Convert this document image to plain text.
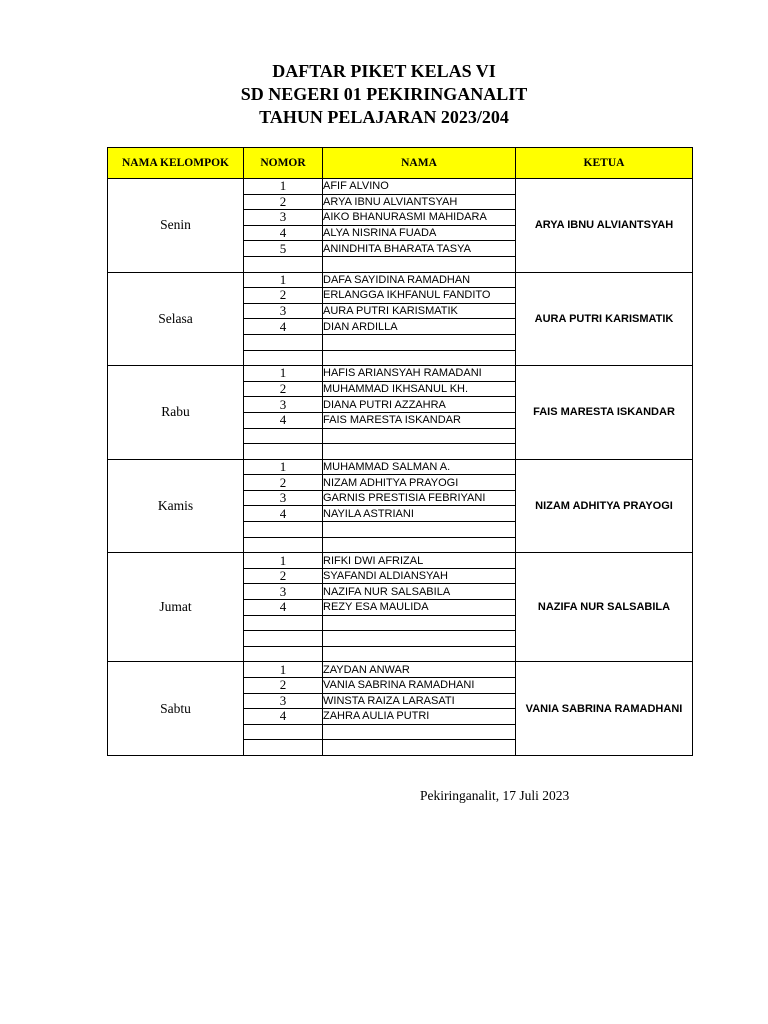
DAFTAR PIKET KELAS VI
SD NEGERI 01 PEKIRINGANALIT
TAHUN PELAJARAN 2023/204
NAMA KELOMPOK	NOMOR	NAMA	KETUA
Senin	1	AFIF ALVINO	ARYA IBNU ALVIANTSYAH
	2	ARYA IBNU ALVIANTSYAH	
	3	AIKO BHANURASMI MAHIDARA	
	4	ALYA NISRINA FUADA	
	5	ANINDHITA BHARATA TASYA	

Selasa	1	DAFA SAYIDINA RAMADHAN	AURA PUTRI KARISMATIK
	2	ERLANGGA IKHFANUL FANDITO	
	3	AURA PUTRI KARISMATIK	
	4	DIAN ARDILLA	

Rabu	1	HAFIS ARIANSYAH RAMADANI	FAIS MARESTA ISKANDAR
	2	MUHAMMAD IKHSANUL KH.	
	3	DIANA PUTRI AZZAHRA	
	4	FAIS MARESTA ISKANDAR	

Kamis	1	MUHAMMAD SALMAN A.	NIZAM ADHITYA PRAYOGI
	2	NIZAM ADHITYA PRAYOGI	
	3	GARNIS PRESTISIA FEBRIYANI	
	4	NAYILA ASTRIANI	

Jumat	1	RIFKI DWI AFRIZAL	NAZIFA NUR SALSABILA
	2	SYAFANDI ALDIANSYAH	
	3	NAZIFA NUR SALSABILA	
	4	REZY ESA MAULIDA	

Sabtu	1	ZAYDAN ANWAR	VANIA SABRINA RAMADHANI
	2	VANIA SABRINA RAMADHANI	
	3	WINSTA RAIZA LARASATI	
	4	ZAHRA AULIA PUTRI	

Pekiringanalit, 17 Juli 2023
